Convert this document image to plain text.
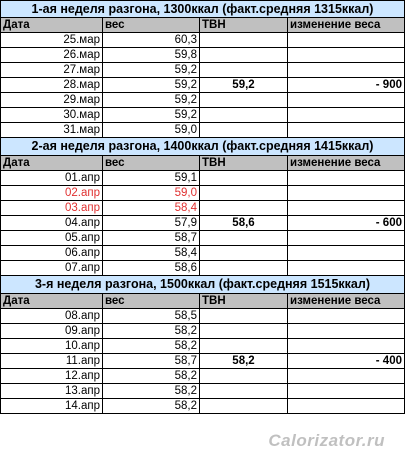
1-ая неделя разгона, 1300ккал (факт.средняя 1315ккал)
Дата	вес	ТВН	изменение веса
25.мар	60,3
26.мар	59,8
27.мар	59,2
28.мар	59,2	59,2	- 900
29.мар	59,2
30.мар	59,2
31.мар	59,0
2-ая неделя разгона, 1400ккал (факт.средняя 1415ккал)
Дата	вес	ТВН	изменение веса
01.апр	59,1
02.апр	59,0
03.апр	58,4
04.апр	57,9	58,6	- 600
05.апр	58,7
06.апр	58,4
07.апр	58,6
3-я неделя разгона, 1500ккал (факт.средняя 1515ккал)
Дата	вес	ТВН	изменение веса
08.апр	58,5
09.апр	58,2
10.апр	58,2
11.апр	58,7	58,2	- 400
12.апр	58,2
13.апр	58,2
14.апр	58,2
Calorizator.ru
